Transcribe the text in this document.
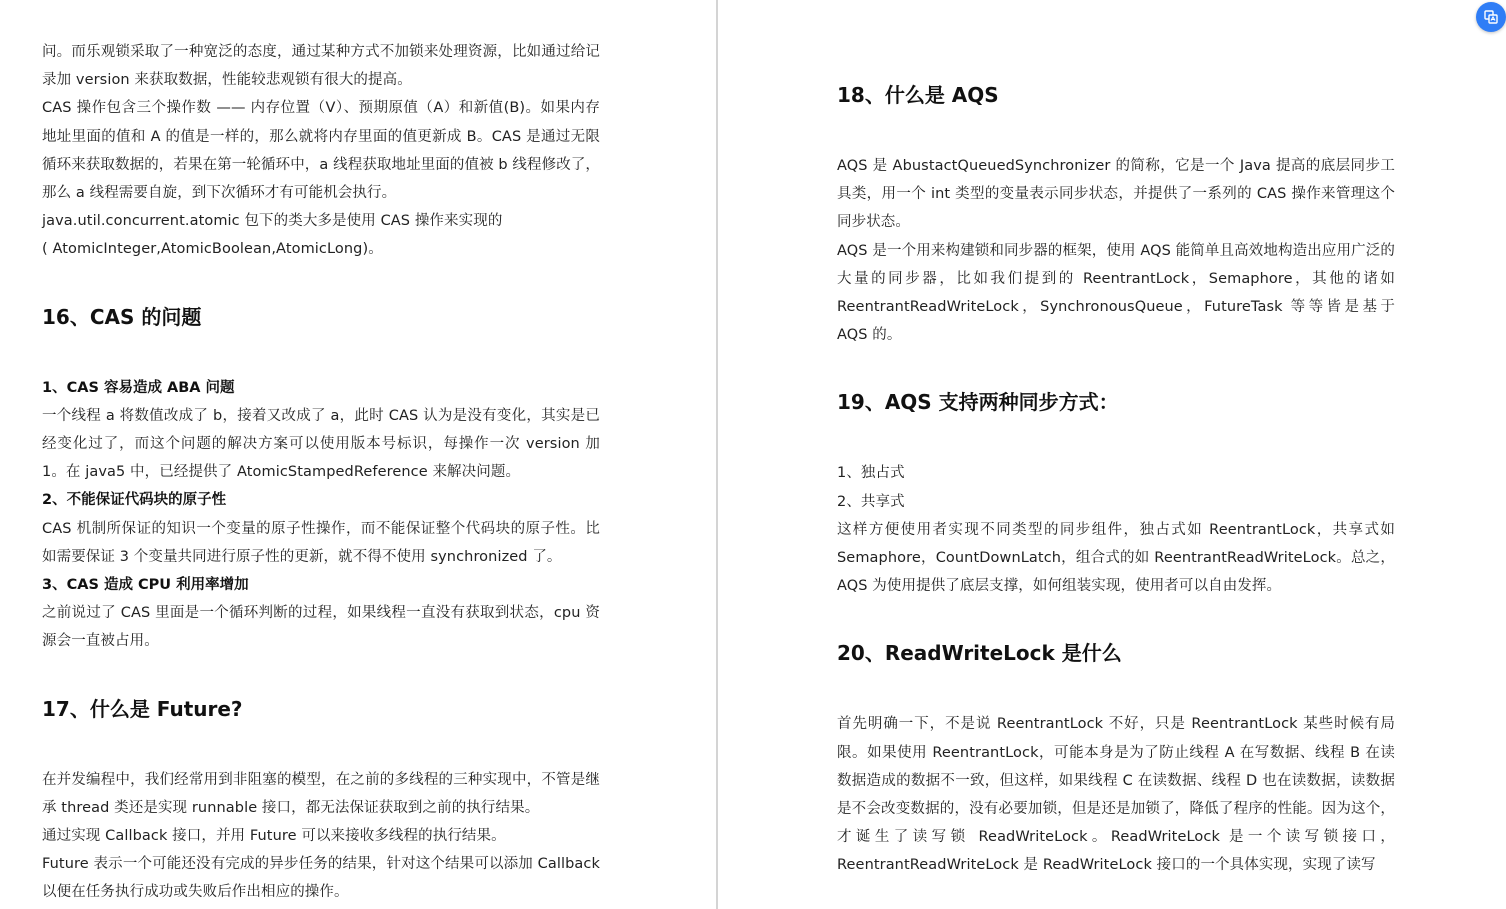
问。而乐观锁采取了一种宽泛的态度，通过某种方式不加锁来处理资源，比如通过给记录加 version 来获取数据，性能较悲观锁有很大的提高。

CAS 操作包含三个操作数 —— 内存位置（V）、预期原值（A）和新值(B)。如果内存地址里面的值和 A 的值是一样的，那么就将内存里面的值更新成 B。CAS 是通过无限循环来获取数据的，若果在第一轮循环中，a 线程获取地址里面的值被 b 线程修改了，那么 a 线程需要自旋，到下次循环才有可能机会执行。

java.util.concurrent.atomic 包下的类大多是使用 CAS 操作来实现的

( AtomicInteger,AtomicBoolean,AtomicLong)。

16、CAS 的问题
1、CAS 容易造成 ABA 问题

一个线程 a 将数值改成了 b，接着又改成了 a，此时 CAS 认为是没有变化，其实是已经变化过了，而这个问题的解决方案可以使用版本号标识，每操作一次 version 加 1。在 java5 中，已经提供了 AtomicStampedReference 来解决问题。

2、不能保证代码块的原子性

CAS 机制所保证的知识一个变量的原子性操作，而不能保证整个代码块的原子性。比如需要保证 3 个变量共同进行原子性的更新，就不得不使用 synchronized 了。

3、CAS 造成 CPU 利用率增加

之前说过了 CAS 里面是一个循环判断的过程，如果线程一直没有获取到状态，cpu 资源会一直被占用。

17、什么是 Future?

在并发编程中，我们经常用到非阻塞的模型，在之前的多线程的三种实现中，不管是继承 thread 类还是实现 runnable 接口，都无法保证获取到之前的执行结果。

通过实现 Callback 接口，并用 Future 可以来接收多线程的执行结果。

Future 表示一个可能还没有完成的异步任务的结果，针对这个结果可以添加 Callback 以便在任务执行成功或失败后作出相应的操作。

18、什么是 AQS

AQS 是 AbustactQueuedSynchronizer 的简称，它是一个 Java 提高的底层同步工具类，用一个 int 类型的变量表示同步状态，并提供了一系列的 CAS 操作来管理这个同步状态。

AQS 是一个用来构建锁和同步器的框架，使用 AQS 能简单且高效地构造出应用广泛的大量的同步器，比如我们提到的 ReentrantLock，Semaphore，其他的诸如 ReentrantReadWriteLock，SynchronousQueue，FutureTask 等等皆是基于 AQS 的。

19、AQS 支持两种同步方式：

1、独占式

2、共享式

这样方便使用者实现不同类型的同步组件，独占式如 ReentrantLock，共享式如 Semaphore，CountDownLatch，组合式的如 ReentrantReadWriteLock。总之，AQS 为使用提供了底层支撑，如何组装实现，使用者可以自由发挥。

20、ReadWriteLock 是什么

首先明确一下，不是说 ReentrantLock 不好，只是 ReentrantLock 某些时候有局限。如果使用 ReentrantLock，可能本身是为了防止线程 A 在写数据、线程 B 在读数据造成的数据不一致，但这样，如果线程 C 在读数据、线程 D 也在读数据，读数据是不会改变数据的，没有必要加锁，但是还是加锁了，降低了程序的性能。因为这个，才诞生了读写锁 ReadWriteLock。ReadWriteLock 是一个读写锁接口，ReentrantReadWriteLock 是 ReadWriteLock 接口的一个具体实现，实现了读写
